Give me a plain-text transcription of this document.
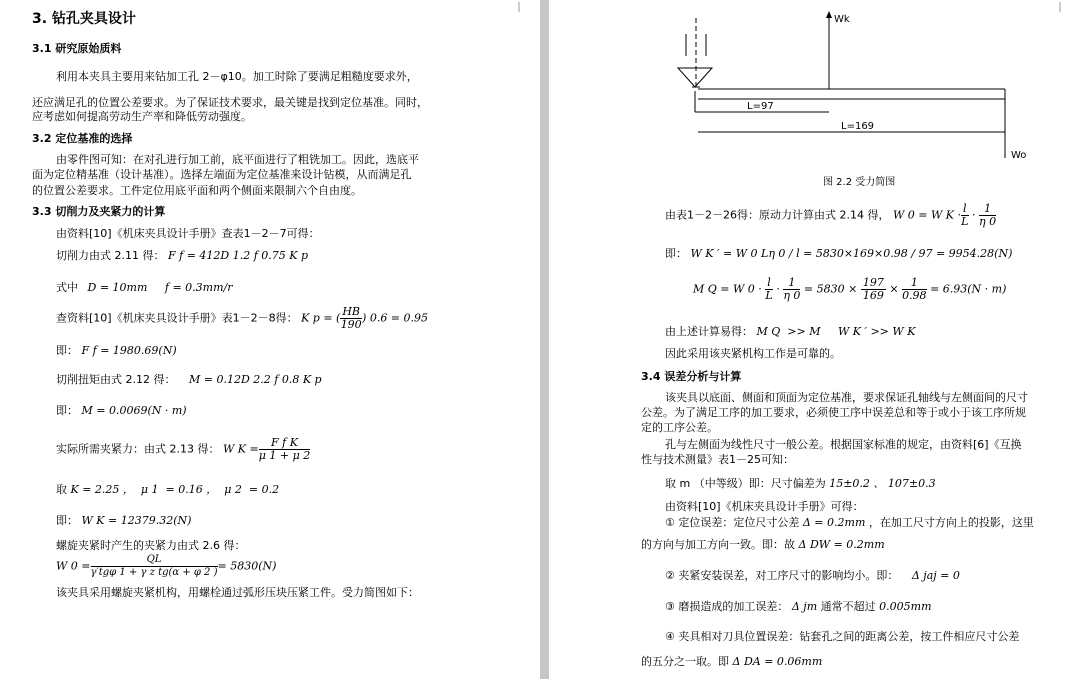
3. 钻孔夹具设计
3.1 研究原始质料
利用本夹具主要用来钻加工孔 2－φ10。加工时除了要满足粗糙度要求外，
还应满足孔的位置公差要求。为了保证技术要求，最关键是找到定位基准。同时，
应考虑如何提高劳动生产率和降低劳动强度。
3.2 定位基准的选择
由零件图可知：在对孔进行加工前，底平面进行了粗铣加工。因此，选底平
面为定位精基准（设计基准）。选择左端面为定位基准来设计钻模，从而满足孔
的位置公差要求。工件定位用底平面和两个侧面来限制六个自由度。
3.3 切削力及夹紧力的计算
由资料[10]《机床夹具设计手册》查表1－2－7可得：
切削力由式 2.11 得： F f = 412D 1.2 f 0.75 K p
式中 D = 10mm     f = 0.3mm/r
查资料[10]《机床夹具设计手册》表1－2－8得： K p = ( $\frac{HB}{190}$ ) 0.6 = 0.95
即： F f = 1980.69(N)
切削扭矩由式 2.12 得： M = 0.12D 2.2 f 0.8 K p
即： M = 0.0069(N · m)
实际所需夹紧力：由式 2.13 得： W $K = \frac{\text{F f K}}{\mu 1 + \mu 2}$
取 K = 2.25 ，  μ 1  = 0.16 ，  μ 2  = 0.2
即： W K = 12379.32(N)
螺旋夹紧时产生的夹紧力由式 2.6 得：
W $0 = \frac{QL}{\text{γ′tgφ 1 + γ z tg(α + φ 2 )}} = 5830(N)$
该夹具采用螺旋夹紧机构，用螺栓通过弧形压块压紧工件。受力简图如下：
Wk
L=97
L=169
Wo
图 2.2 受力简图
由表1－2－26得：原动力计算由式 2.14 得， W 0 = W $K \cdot \frac{l}{L} \cdot \frac{1}{\eta 0}$
即： W K ′ = W 0 Lη 0 / l = 5830×169×0.98 / 97 = 9954.28(N)
M Q = W $0 \cdot \frac{l}{L} \cdot \frac{1}{\eta 0} = 5830 \times \frac{197}{169} \times \frac{1}{0.98} = 6.93(N \cdot m)$
由上述计算易得： M Q  >> M     W K ′ >> W K
因此采用该夹紧机构工作是可靠的。
3.4 误差分析与计算
该夹具以底面、侧面和顶面为定位基准，要求保证孔轴线与左侧面间的尺寸
公差。为了满足工序的加工要求，必须使工序中误差总和等于或小于该工序所规
定的工序公差。
孔与左侧面为线性尺寸一般公差。根据国家标准的规定，由资料[6]《互换
性与技术测量》表1－25可知：
取 m （中等级）即：尺寸偏差为 15±0.2 、 107±0.3
由资料[10]《机床夹具设计手册》可得：
① 定位误差：定位尺寸公差 Δ = 0.2mm ，在加工尺寸方向上的投影，这里
的方向与加工方向一致。即：故 Δ DW = 0.2mm
② 夹紧安装误差，对工序尺寸的影响均小。即： Δ jaj = 0
③ 磨损造成的加工误差： Δ jm 通常不超过 0.005mm
④ 夹具相对刀具位置误差：钻套孔之间的距离公差，按工件相应尺寸公差
的五分之一取。即 Δ DA = 0.06mm
